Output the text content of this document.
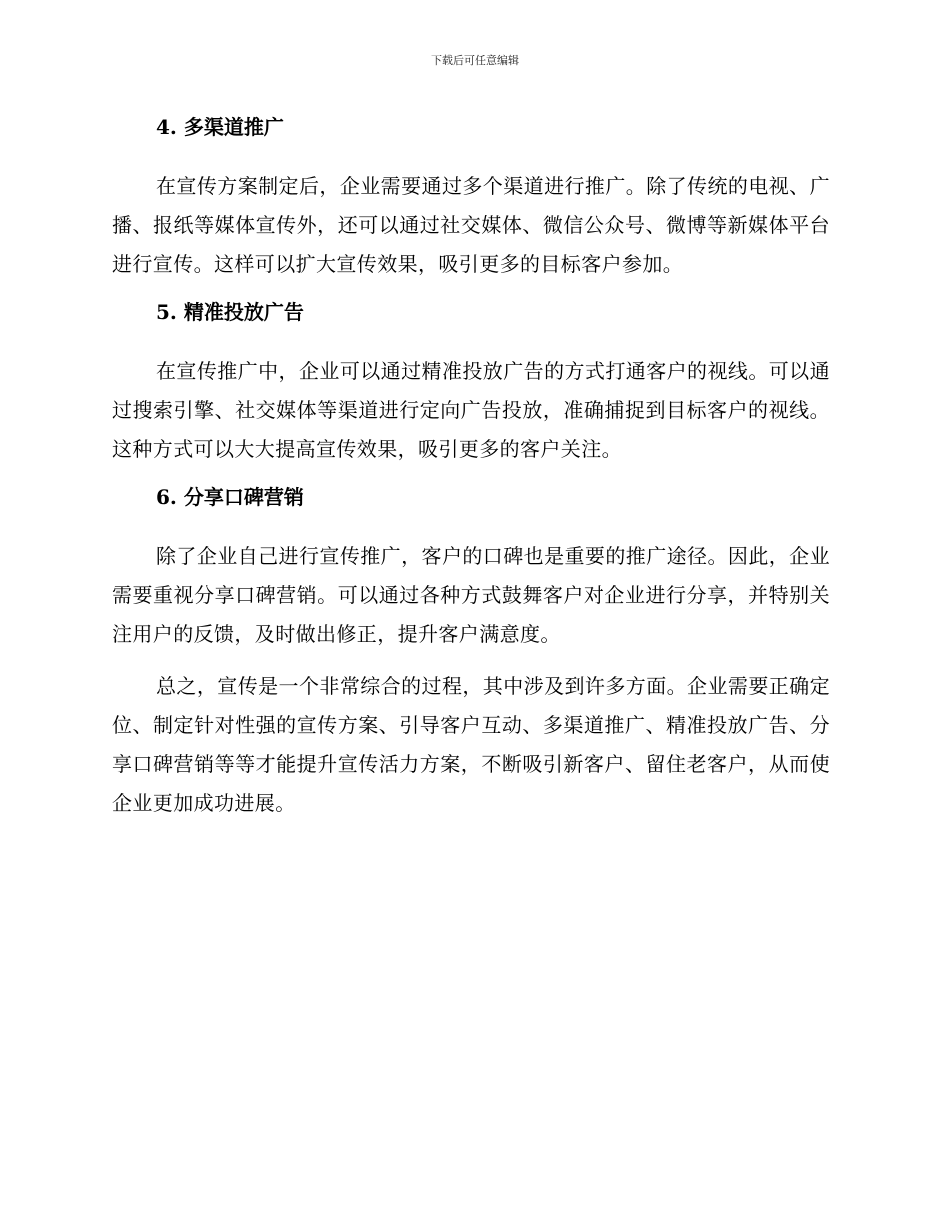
下载后可任意编辑
4. 多渠道推广

在宣传方案制定后，企业需要通过多个渠道进行推广。除了传统的电视、广播、报纸等媒体宣传外，还可以通过社交媒体、微信公众号、微博等新媒体平台进行宣传。这样可以扩大宣传效果，吸引更多的目标客户参加。

5. 精准投放广告

在宣传推广中，企业可以通过精准投放广告的方式打通客户的视线。可以通过搜索引擎、社交媒体等渠道进行定向广告投放，准确捕捉到目标客户的视线。这种方式可以大大提高宣传效果，吸引更多的客户关注。

6. 分享口碑营销

除了企业自己进行宣传推广，客户的口碑也是重要的推广途径。因此，企业需要重视分享口碑营销。可以通过各种方式鼓舞客户对企业进行分享，并特别关注用户的反馈，及时做出修正，提升客户满意度。

总之，宣传是一个非常综合的过程，其中涉及到许多方面。企业需要正确定位、制定针对性强的宣传方案、引导客户互动、多渠道推广、精准投放广告、分享口碑营销等等才能提升宣传活力方案，不断吸引新客户、留住老客户，从而使企业更加成功进展。
